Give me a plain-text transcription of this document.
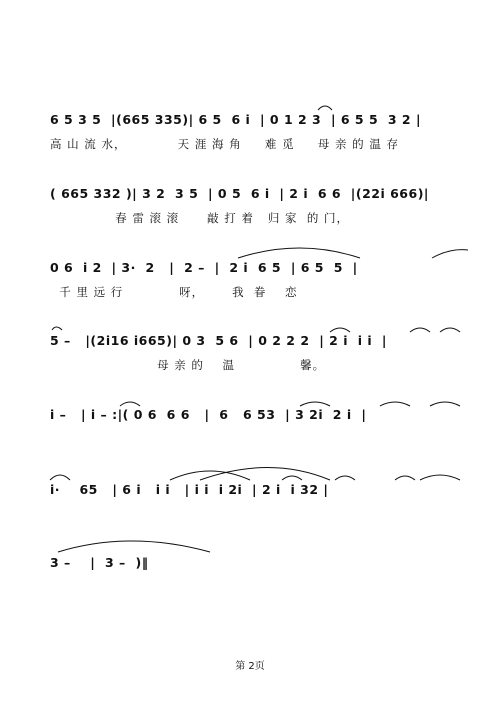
6 5 3 5  |(665 335)| 6 5  6 i  | 0 1 2 3  | 6 5 5  3 2 |
高 山 流 水，           天 涯 海 角     难 觅     母 亲 的 温 存
( 665 332 )| 3 2  3 5  | 0 5  6 i  | 2 i  6 6  |(22i 666)|
春 雷 滚 滚      敲 打 着   归 家  的 门，
0 6  i 2  | 3·  2   |  2 –  |  2 i  6 5  | 6 5  5  |
千 里 远 行            呀，      我  眷    恋
5 –   |(2i16 i665)| 0 3  5 6  | 0 2 2 2  | 2 i  i i  |
母 亲 的    温              馨。
i –   | i – :|( 0 6  6 6   |  6   6 53  | 3 2i  2 i  |
i·    65   | 6 i   i i   | i i  i 2i  | 2 i  i 32 |
3 –    |  3 –  )‖
第 2页
